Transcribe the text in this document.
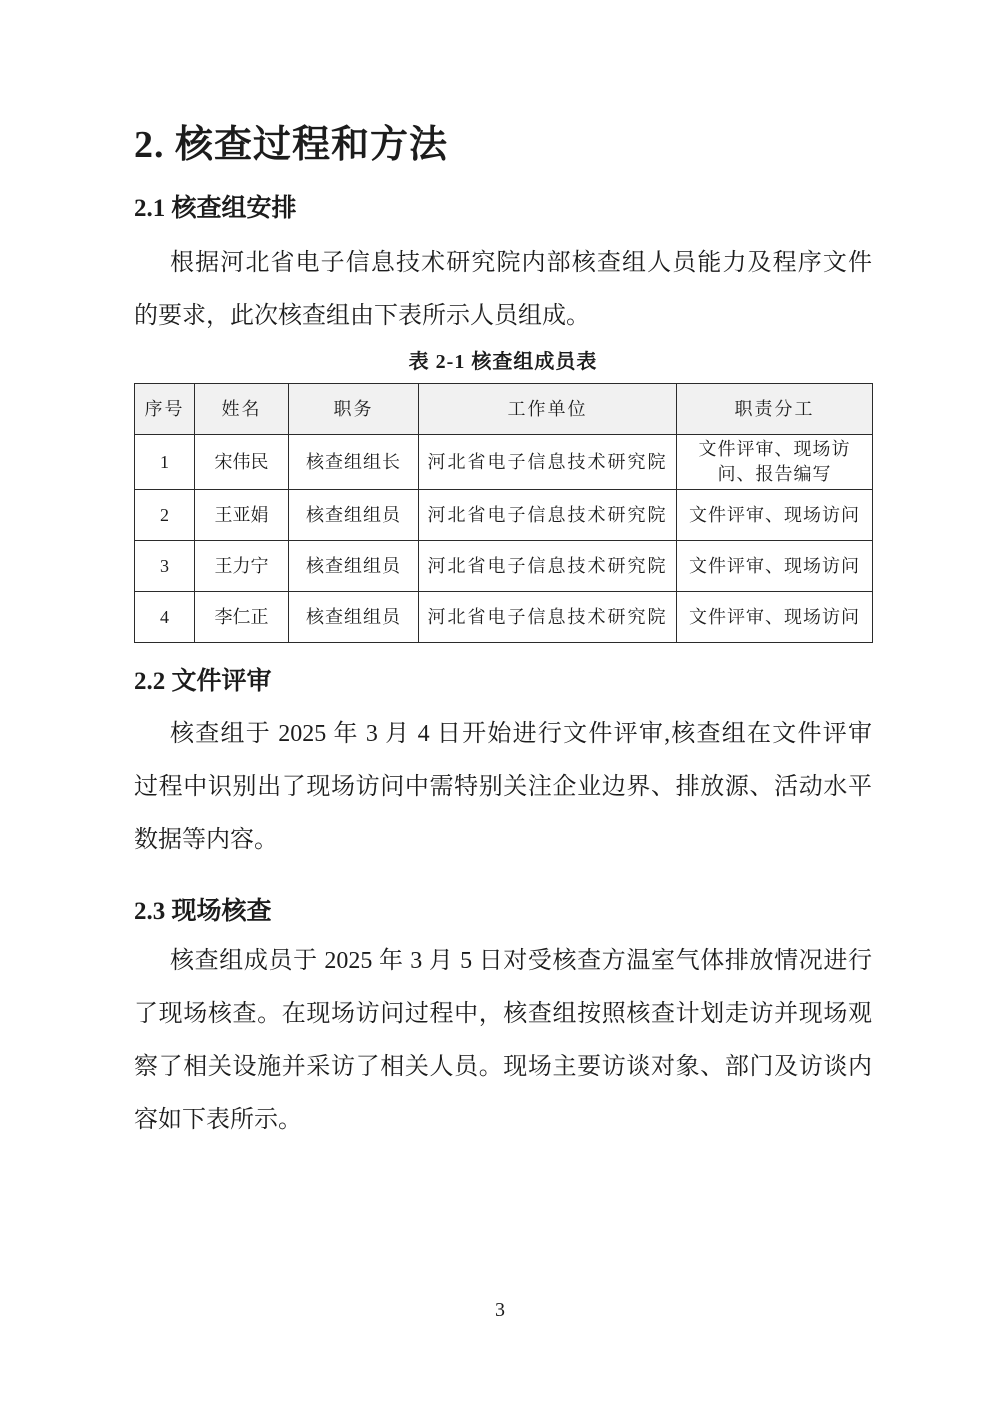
2. 核查过程和方法
2.1 核查组安排
根据河北省电子信息技术研究院内部核查组人员能力及程序文件
的要求，此次核查组由下表所示人员组成。
表 2-1 核查组成员表
序号	姓名	职务	工作单位	职责分工
1	宋伟民	核查组组长	河北省电子信息技术研究院	文件评审、现场访问、报告编写
2	王亚娟	核查组组员	河北省电子信息技术研究院	文件评审、现场访问
3	王力宁	核查组组员	河北省电子信息技术研究院	文件评审、现场访问
4	李仁正	核查组组员	河北省电子信息技术研究院	文件评审、现场访问
2.2 文件评审
核查组于 2025 年 3 月 4 日开始进行文件评审,核查组在文件评审
过程中识别出了现场访问中需特别关注企业边界、排放源、活动水平
数据等内容。
2.3 现场核查
核查组成员于 2025 年 3 月 5 日对受核查方温室气体排放情况进行
了现场核查。在现场访问过程中，核查组按照核查计划走访并现场观
察了相关设施并采访了相关人员。现场主要访谈对象、部门及访谈内
容如下表所示。
3
